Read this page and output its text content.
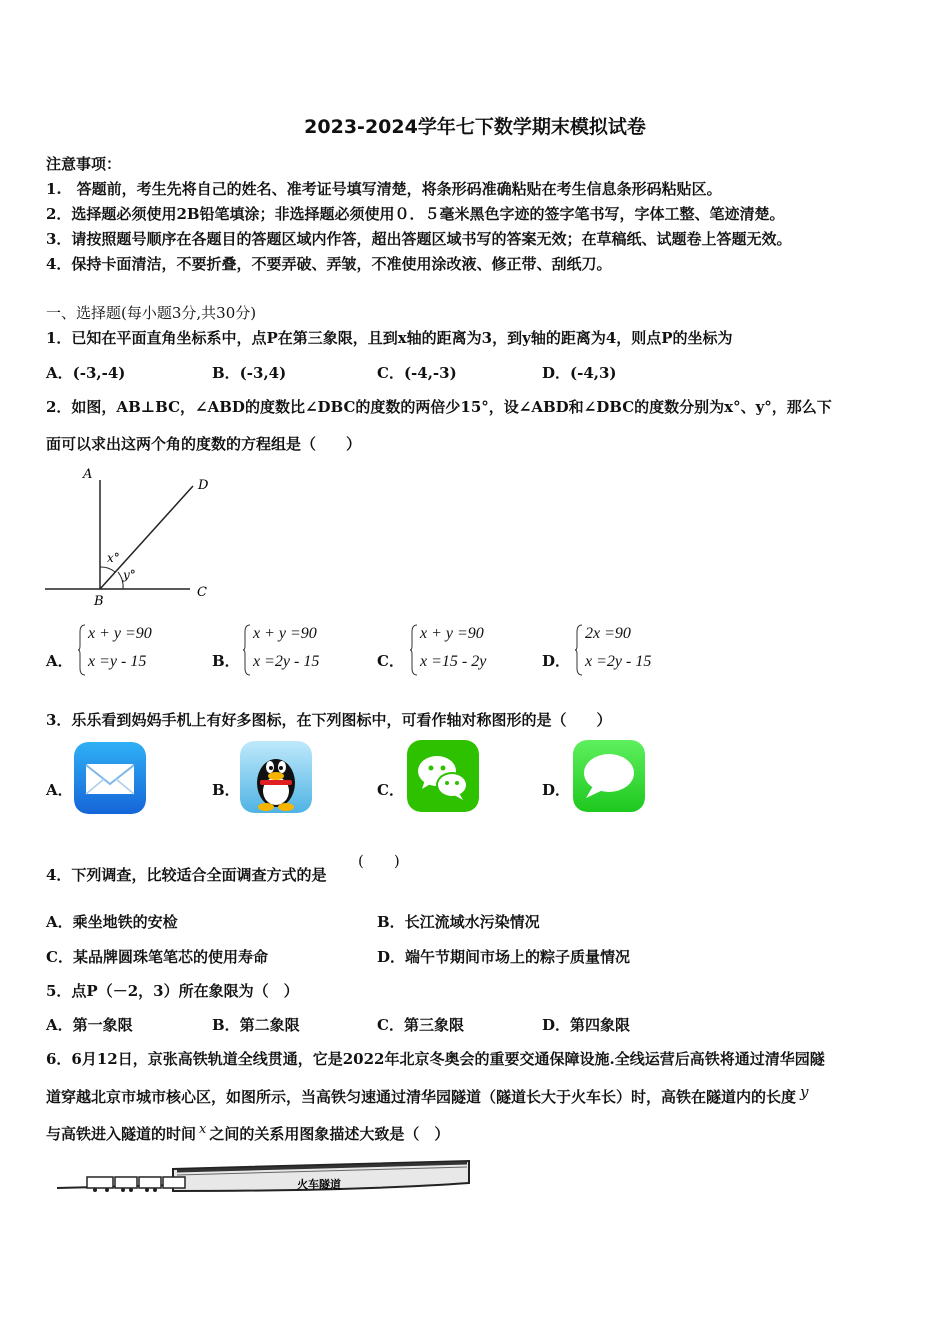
2023-2024学年七下数学期末模拟试卷
注意事项：
1.　答题前，考生先将自己的姓名、准考证号填写清楚，将条形码准确粘贴在考生信息条形码粘贴区。
2．选择题必须使用2B铅笔填涂；非选择题必须使用０．５毫米黑色字迹的签字笔书写，字体工整、笔迹清楚。
3．请按照题号顺序在各题目的答题区域内作答，超出答题区域书写的答案无效；在草稿纸、试题卷上答题无效。
4．保持卡面清洁，不要折叠，不要弄破、弄皱，不准使用涂改液、修正带、刮纸刀。
一、选择题(每小题3分,共30分)
1．已知在平面直角坐标系中，点P在第三象限，且到x轴的距离为3，到y轴的距离为4，则点P的坐标为
A．(-3,-4)	B．(-3,4)	C．(-4,-3)	D．(-4,3)
2．如图，AB⊥BC，∠ABD的度数比∠DBC的度数的两倍少15°，设∠ABD和∠DBC的度数分别为x°、y°，那么下
面可以求出这两个角的度数的方程组是（　　）
A
D
B
C
x°
y°
A．
x + y =90
x =y - 15	B．
x + y =90
x =2y - 15	C．
x + y =90
x =15 - 2y	D．
2x =90
x =2y - 15
3．乐乐看到妈妈手机上有好多图标，在下列图标中，可看作轴对称图形的是（　　）
A．	B．	C．	D．
4．下列调查，比较适合全面调查方式的是
(　　)
A．乘坐地铁的安检	B．长江流域水污染情况
C．某品牌圆珠笔笔芯的使用寿命	D．端午节期间市场上的粽子质量情况
5．点P（－2，3）所在象限为（　）
A．第一象限	B．第二象限	C．第三象限	D．第四象限
6．6月12日，京张高铁轨道全线贯通，它是2022年北京冬奥会的重要交通保障设施.全线运营后高铁将通过清华园隧
道穿越北京市城市核心区，如图所示，当高铁匀速通过清华园隧道（隧道长大于火车长）时，高铁在隧道内的长度 y
与高铁进入隧道的时间 x 之间的关系用图象描述大致是（　）
火车隧道
